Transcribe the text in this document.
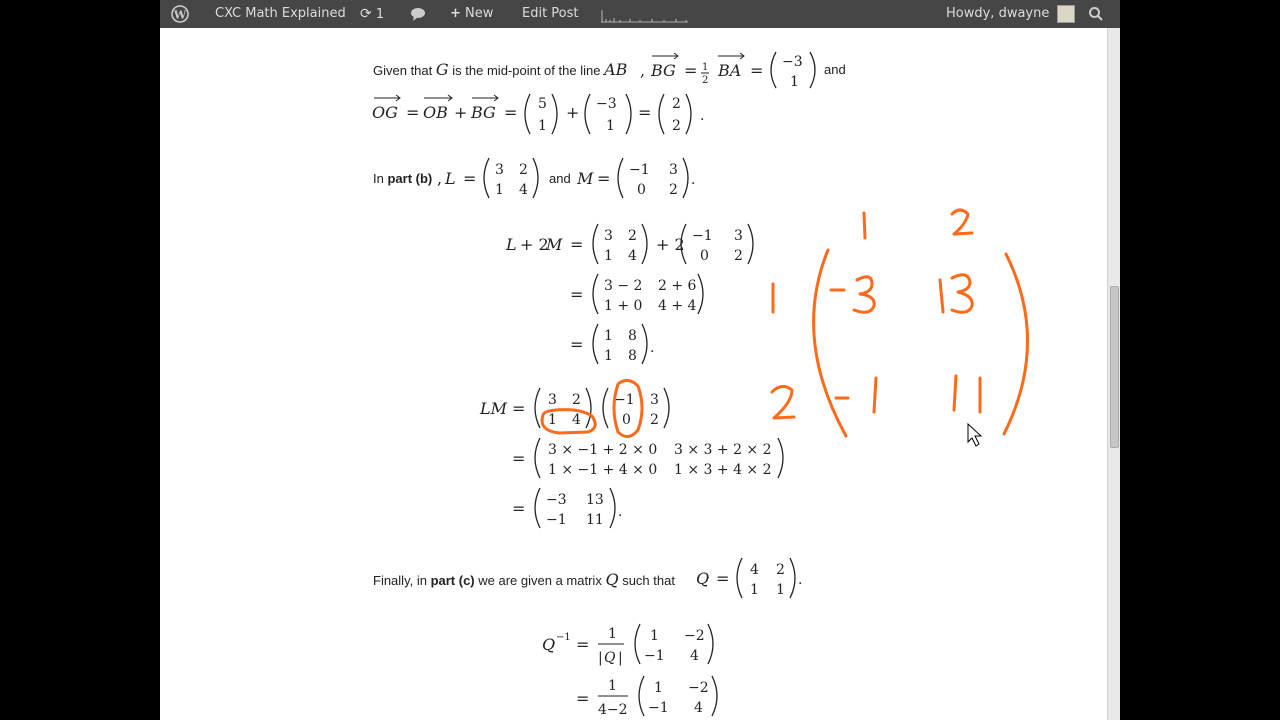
W CXC Math Explained ⟳ 1	+ New Edit Post	Howdy, dwayne
Given that G is the mid-point of the line AB , BG = 1
2
BA = −3
1
and
OG = OB + BG = 5
1
+ −3
1
= 2
2
.
In part (b) , L = 3 2
1 4
and M = −1 3
0 2
.
L + 2
M = 3 2
1 4
+ 2 −1 3
0 2
= 3 − 2 2 + 6
1 + 0 4 + 4
= 1 8
1 8 .
LM = 3 2
1 4
−1 3
0 2
= 3 × −1 + 2 × 0 3 × 3 + 2 × 2
1 × −1 + 4 × 0 1 × 3 + 4 × 2
= −3 13
−1 11 .
Finally, in part (c) we are given a matrix Q such that Q = 4 2
1 1
.
Q −1 =
1
| Q |
1 −2
−1 4
=
1
4−2
1 −2
−1 4
